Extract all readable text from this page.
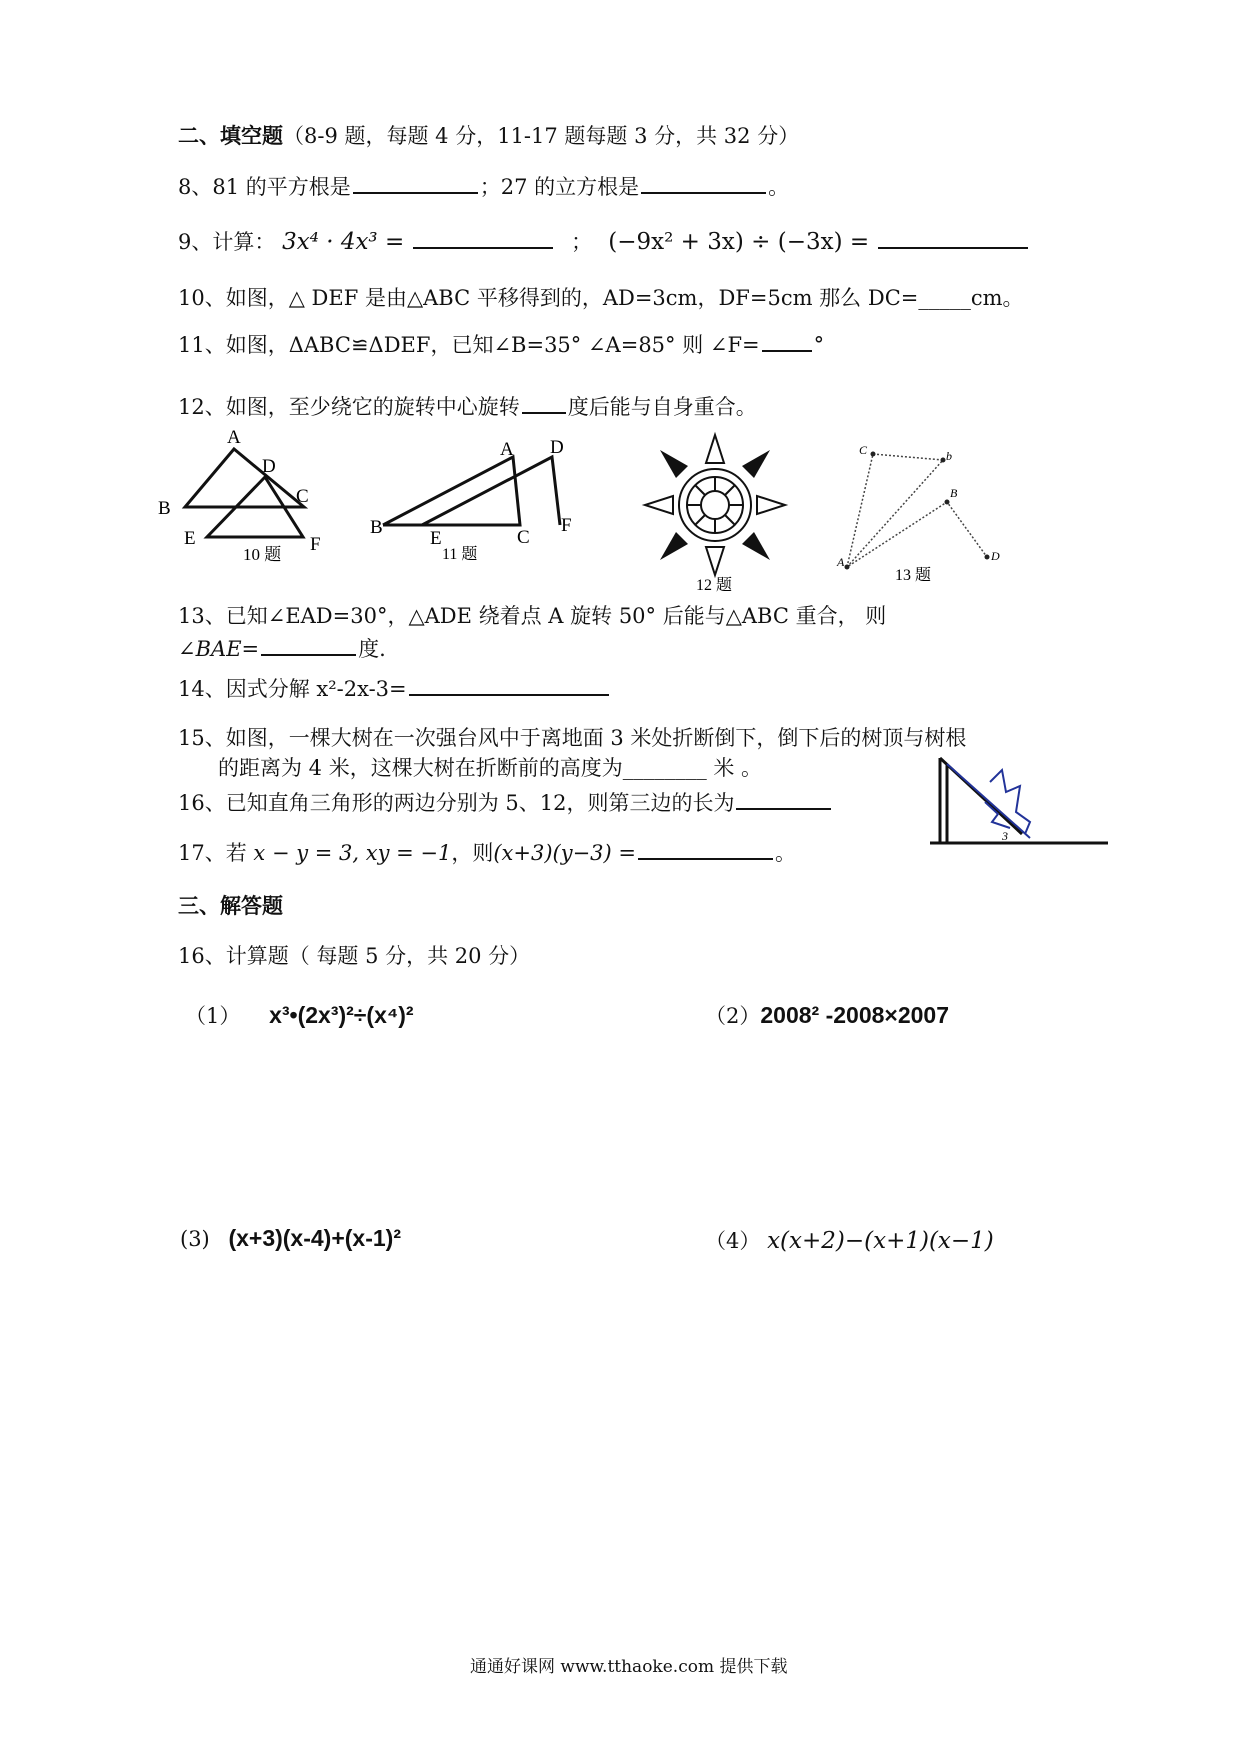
二、填空题（8-9 题，每题 4 分，11-17 题每题 3 分，共 32 分）
8、81 的平方根是	；27 的立方根是	。
9、计算： 3x⁴ · 4x³ =	； (−9x² + 3x) ÷ (−3x) =
10、如图，△ DEF 是由△ABC 平移得到的，AD=3cm，DF=5cm 那么 DC=_____cm。
11、如图，ΔABC≌ΔDEF，已知∠B=35° ∠A=85° 则 ∠F=	°
12、如图，至少绕它的旋转中心旋转 度后能与自身重合。
A
D
B
C
E	F
10 题
A D
B
E	C
F
11 题
12 题
C	b
B
A	D
13 题
13、已知∠EAD=30°，△ADE 绕着点 A 旋转 50° 后能与△ABC 重合， 则
∠BAE=	度.
14、因式分解 x²-2x-3=
15、如图，一棵大树在一次强台风中于离地面 3 米处折断倒下，倒下后的树顶与树根
的距离为 4 米，这棵大树在折断前的高度为________ 米 。
16、已知直角三角形的两边分别为 5、12，则第三边的长为
3
17、若 x − y = 3, xy = −1，则(x+3)(y−3) =	。
三、解答题
16、计算题（ 每题 5 分，共 20 分）
（1） x³•(2x³)²÷(x⁴)²	（2）2008² -2008×2007
(3) (x+3)(x-4)+(x-1)²	（4） x(x+2)−(x+1)(x−1)
通通好课网 www.tthaoke.com 提供下载
